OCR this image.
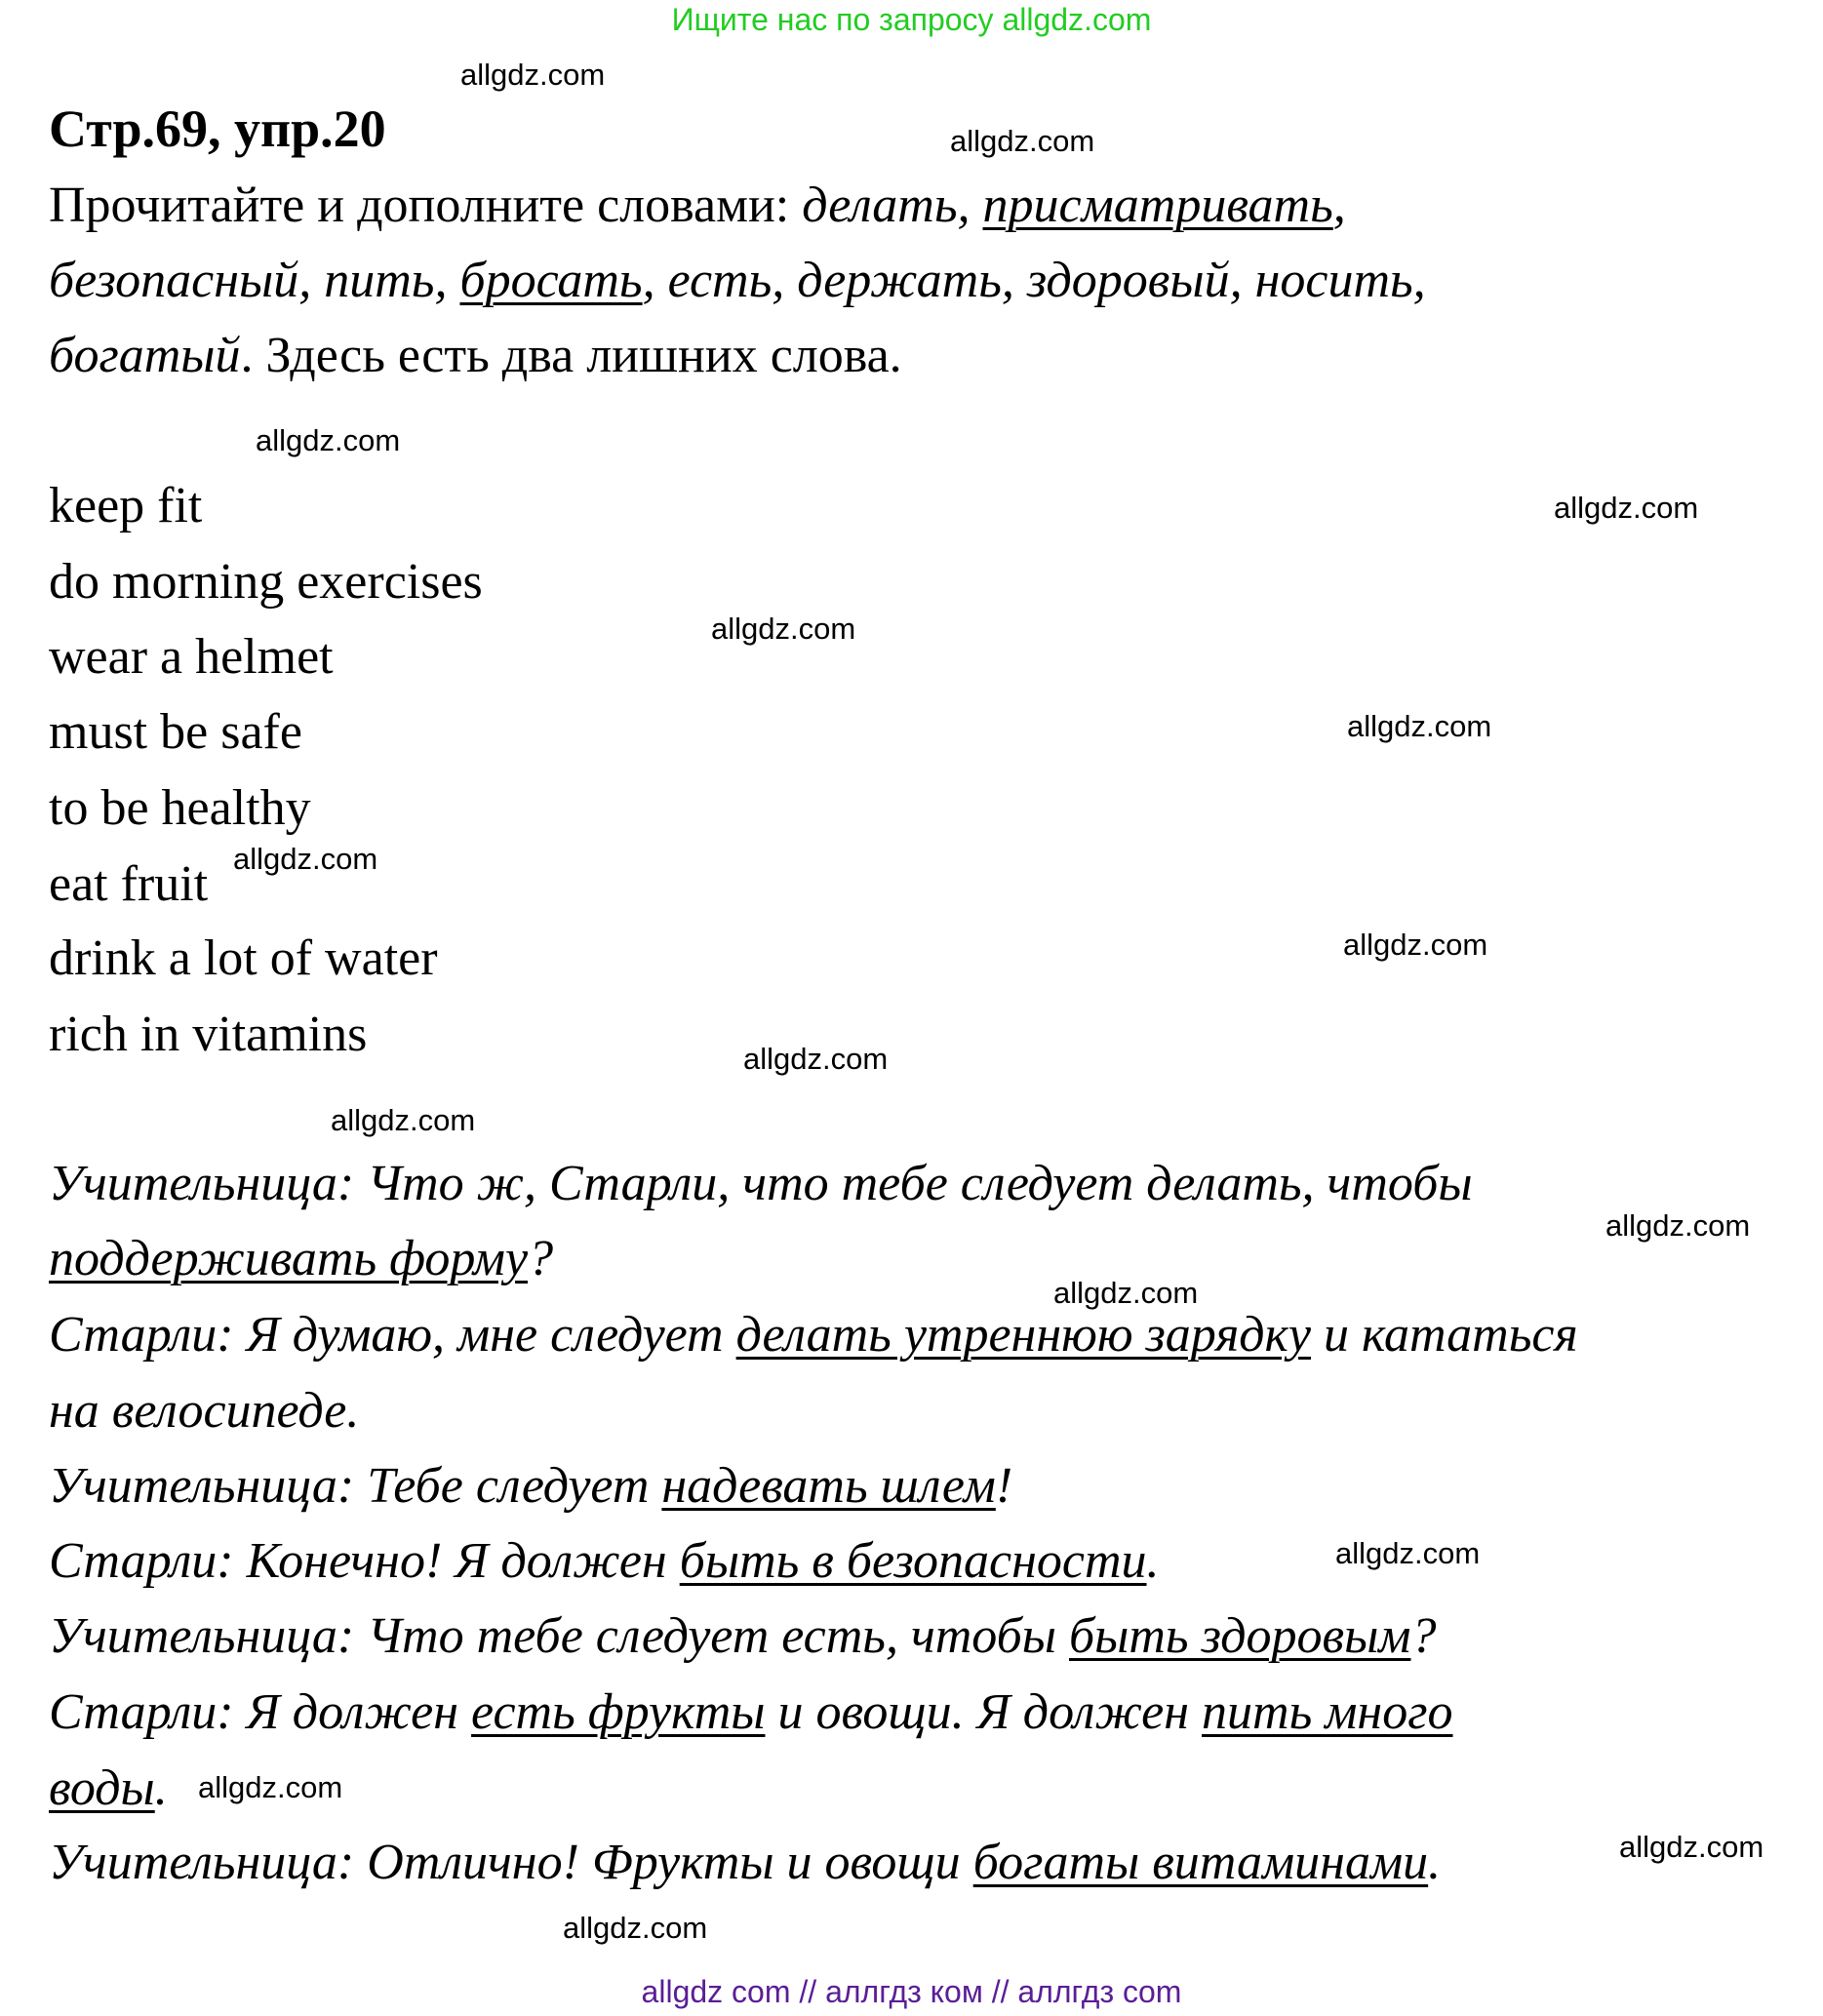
Ищите нас по запросу allgdz.com
Стр.69, упр.20
Прочитайте и дополните словами: делать, присматривать,
безопасный, пить, бросать, есть, держать, здоровый, носить,
богатый. Здесь есть два лишних слова.
keep fit
do morning exercises
wear a helmet
must be safe
to be healthy
eat fruit
drink a lot of water
rich in vitamins
Учительница: Что ж, Старли, что тебе следует делать, чтобы
поддерживать форму?
Старли: Я думаю, мне следует делать утреннюю зарядку и кататься
на велосипеде.
Учительница: Тебе следует надевать шлем!
Старли: Конечно! Я должен быть в безопасности.
Учительница: Что тебе следует есть, чтобы быть здоровым?
Старли: Я должен есть фрукты и овощи. Я должен пить много
воды.
Учительница: Отлично! Фрукты и овощи богаты витаминами.
allgdz.com
allgdz.com
allgdz.com
allgdz.com
allgdz.com
allgdz.com
allgdz.com
allgdz.com
allgdz.com
allgdz.com
allgdz.com
allgdz.com
allgdz.com
allgdz.com
allgdz.com
allgdz.com
allgdz com // аллгдз ком // аллгдз com
